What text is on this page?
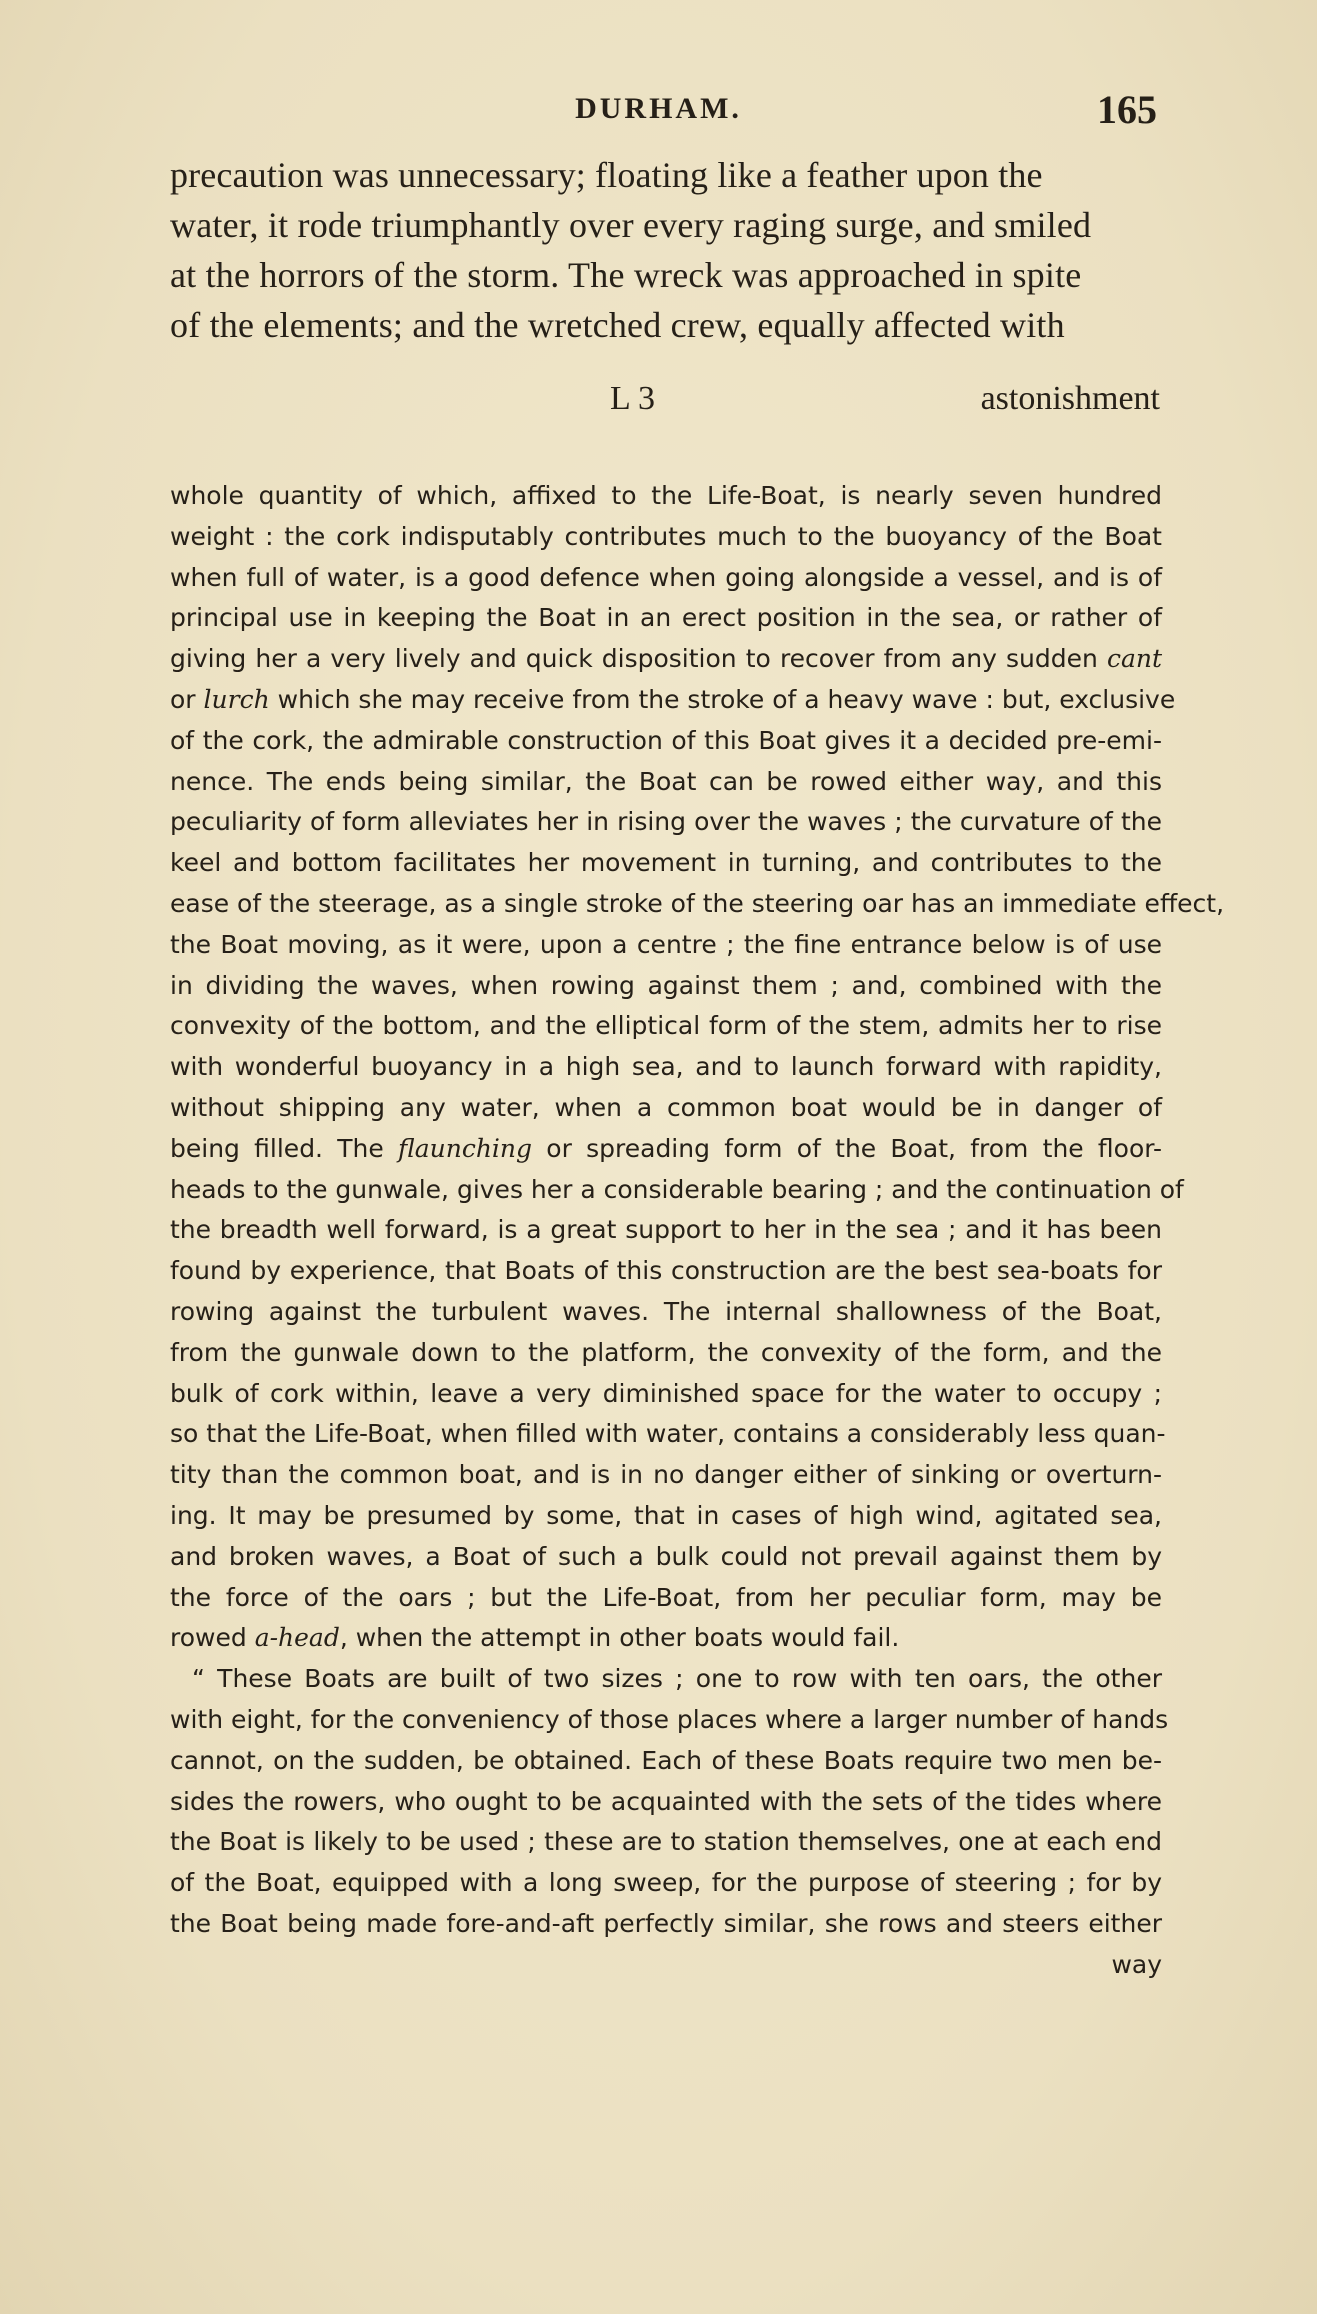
DURHAM.	165
precaution was unnecessary; floating like a feather upon the
water, it rode triumphantly over every raging surge, and smiled
at the horrors of the storm. The wreck was approached in spite
of the elements; and the wretched crew, equally affected with
L 3	astonishment
whole quantity of which, affixed to the Life-Boat, is nearly seven hundred
weight : the cork indisputably contributes much to the buoyancy of the Boat
when full of water, is a good defence when going alongside a vessel, and is of
principal use in keeping the Boat in an erect position in the sea, or rather of
giving her a very lively and quick disposition to recover from any sudden cant
or lurch which she may receive from the stroke of a heavy wave : but, exclusive
of the cork, the admirable construction of this Boat gives it a decided pre-emi-
nence. The ends being similar, the Boat can be rowed either way, and this
peculiarity of form alleviates her in rising over the waves ; the curvature of the
keel and bottom facilitates her movement in turning, and contributes to the
ease of the steerage, as a single stroke of the steering oar has an immediate effect,
the Boat moving, as it were, upon a centre ; the fine entrance below is of use
in dividing the waves, when rowing against them ; and, combined with the
convexity of the bottom, and the elliptical form of the stem, admits her to rise
with wonderful buoyancy in a high sea, and to launch forward with rapidity,
without shipping any water, when a common boat would be in danger of
being filled. The flaunching or spreading form of the Boat, from the floor-
heads to the gunwale, gives her a considerable bearing ; and the continuation of
the breadth well forward, is a great support to her in the sea ; and it has been
found by experience, that Boats of this construction are the best sea-boats for
rowing against the turbulent waves. The internal shallowness of the Boat,
from the gunwale down to the platform, the convexity of the form, and the
bulk of cork within, leave a very diminished space for the water to occupy ;
so that the Life-Boat, when filled with water, contains a considerably less quan-
tity than the common boat, and is in no danger either of sinking or overturn-
ing. It may be presumed by some, that in cases of high wind, agitated sea,
and broken waves, a Boat of such a bulk could not prevail against them by
the force of the oars ; but the Life-Boat, from her peculiar form, may be
rowed a-head, when the attempt in other boats would fail.
“ These Boats are built of two sizes ; one to row with ten oars, the other
with eight, for the conveniency of those places where a larger number of hands
cannot, on the sudden, be obtained. Each of these Boats require two men be-
sides the rowers, who ought to be acquainted with the sets of the tides where
the Boat is likely to be used ; these are to station themselves, one at each end
of the Boat, equipped with a long sweep, for the purpose of steering ; for by
the Boat being made fore-and-aft perfectly similar, she rows and steers either
way
